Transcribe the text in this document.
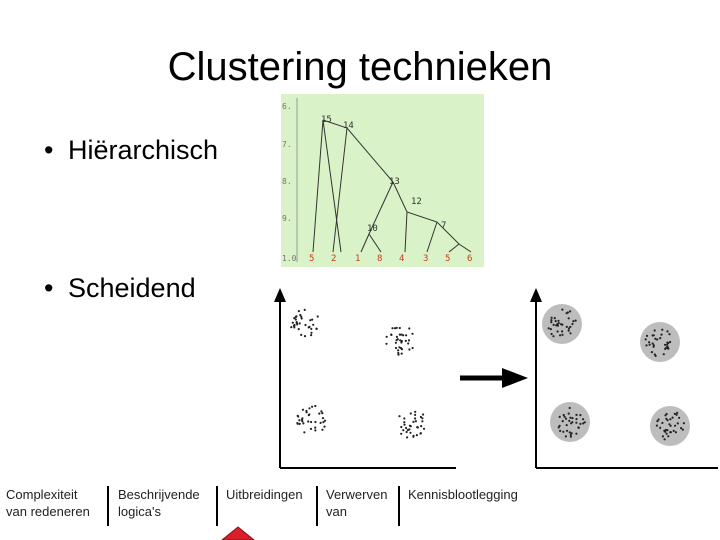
Clustering technieken
• Hiërarchisch
• Scheidend
6.
7.
8.
9.
1.0
15
14
13
12
10	7
5 2 1 8 4 3 5 6
Complexiteit
van redeneren
Beschrijvende
logica's
Uitbreidingen Verwerven
van
Kennisblootlegging
